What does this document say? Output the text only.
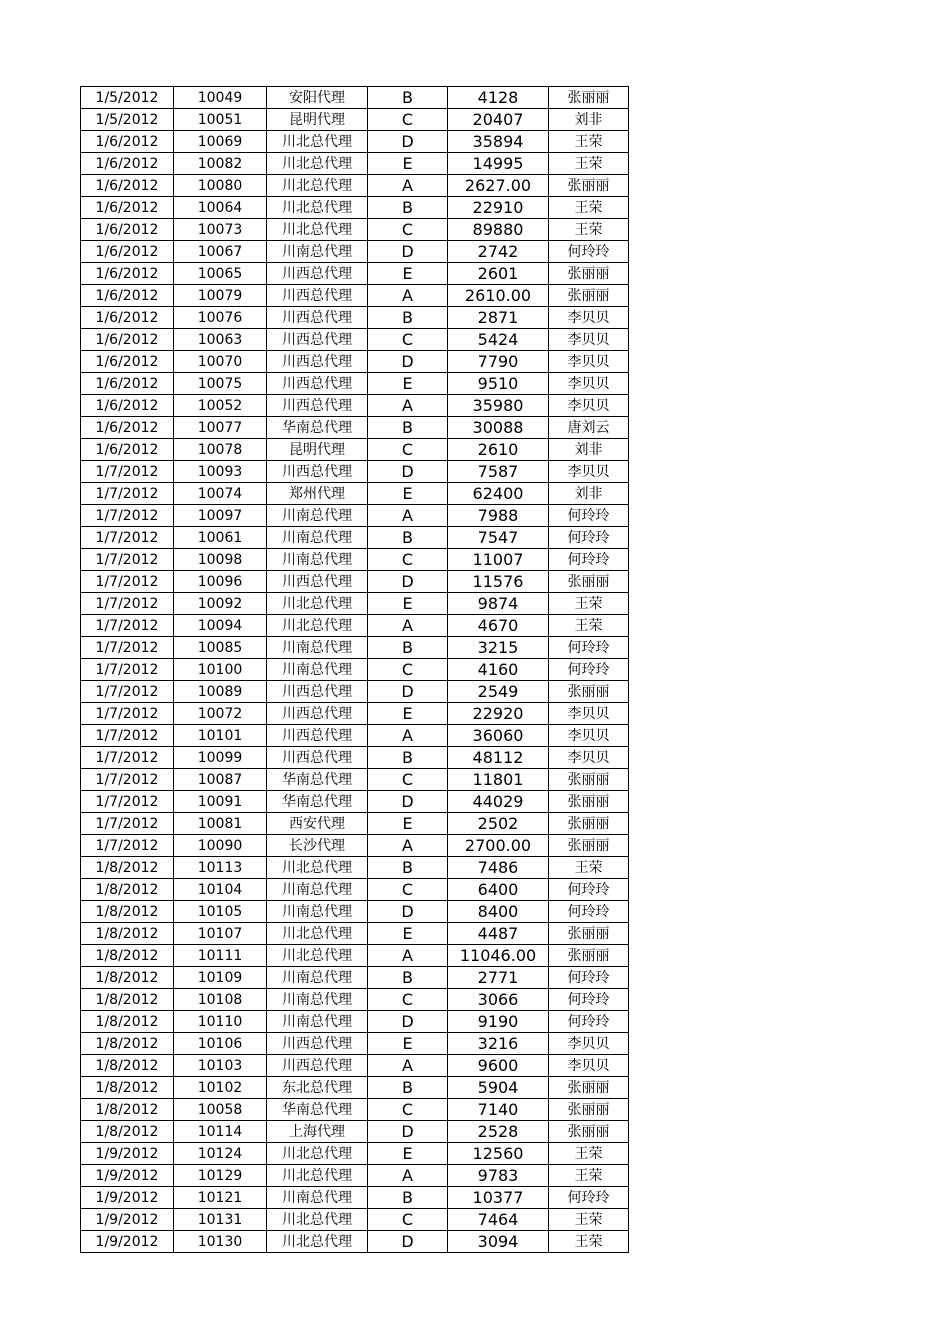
1/5/2012	10049	安阳代理	B	4128	张丽丽
1/5/2012	10051	昆明代理	C	20407	刘非
1/6/2012	10069	川北总代理	D	35894	王荣
1/6/2012	10082	川北总代理	E	14995	王荣
1/6/2012	10080	川北总代理	A	2627.00	张丽丽
1/6/2012	10064	川北总代理	B	22910	王荣
1/6/2012	10073	川北总代理	C	89880	王荣
1/6/2012	10067	川南总代理	D	2742	何玲玲
1/6/2012	10065	川西总代理	E	2601	张丽丽
1/6/2012	10079	川西总代理	A	2610.00	张丽丽
1/6/2012	10076	川西总代理	B	2871	李贝贝
1/6/2012	10063	川西总代理	C	5424	李贝贝
1/6/2012	10070	川西总代理	D	7790	李贝贝
1/6/2012	10075	川西总代理	E	9510	李贝贝
1/6/2012	10052	川西总代理	A	35980	李贝贝
1/6/2012	10077	华南总代理	B	30088	唐刘云
1/6/2012	10078	昆明代理	C	2610	刘非
1/7/2012	10093	川西总代理	D	7587	李贝贝
1/7/2012	10074	郑州代理	E	62400	刘非
1/7/2012	10097	川南总代理	A	7988	何玲玲
1/7/2012	10061	川南总代理	B	7547	何玲玲
1/7/2012	10098	川南总代理	C	11007	何玲玲
1/7/2012	10096	川西总代理	D	11576	张丽丽
1/7/2012	10092	川北总代理	E	9874	王荣
1/7/2012	10094	川北总代理	A	4670	王荣
1/7/2012	10085	川南总代理	B	3215	何玲玲
1/7/2012	10100	川南总代理	C	4160	何玲玲
1/7/2012	10089	川西总代理	D	2549	张丽丽
1/7/2012	10072	川西总代理	E	22920	李贝贝
1/7/2012	10101	川西总代理	A	36060	李贝贝
1/7/2012	10099	川西总代理	B	48112	李贝贝
1/7/2012	10087	华南总代理	C	11801	张丽丽
1/7/2012	10091	华南总代理	D	44029	张丽丽
1/7/2012	10081	西安代理	E	2502	张丽丽
1/7/2012	10090	长沙代理	A	2700.00	张丽丽
1/8/2012	10113	川北总代理	B	7486	王荣
1/8/2012	10104	川南总代理	C	6400	何玲玲
1/8/2012	10105	川南总代理	D	8400	何玲玲
1/8/2012	10107	川北总代理	E	4487	张丽丽
1/8/2012	10111	川北总代理	A	11046.00	张丽丽
1/8/2012	10109	川南总代理	B	2771	何玲玲
1/8/2012	10108	川南总代理	C	3066	何玲玲
1/8/2012	10110	川南总代理	D	9190	何玲玲
1/8/2012	10106	川西总代理	E	3216	李贝贝
1/8/2012	10103	川西总代理	A	9600	李贝贝
1/8/2012	10102	东北总代理	B	5904	张丽丽
1/8/2012	10058	华南总代理	C	7140	张丽丽
1/8/2012	10114	上海代理	D	2528	张丽丽
1/9/2012	10124	川北总代理	E	12560	王荣
1/9/2012	10129	川北总代理	A	9783	王荣
1/9/2012	10121	川南总代理	B	10377	何玲玲
1/9/2012	10131	川北总代理	C	7464	王荣
1/9/2012	10130	川北总代理	D	3094	王荣
